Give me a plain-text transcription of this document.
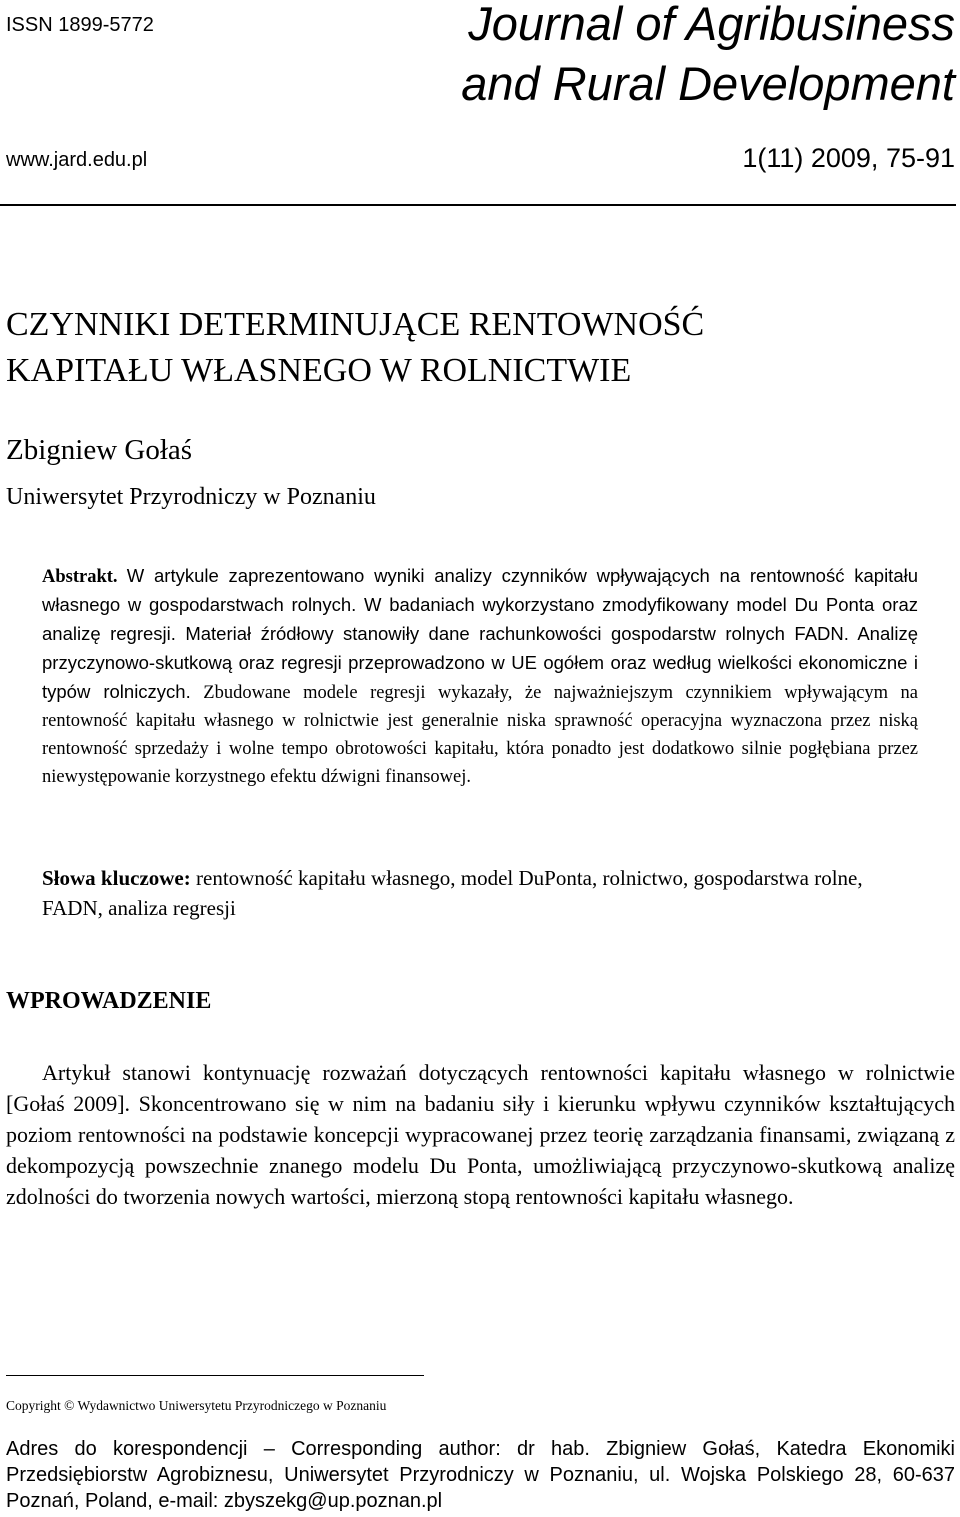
ISSN 1899-5772	Journal of Agribusiness
and Rural Development
www.jard.edu.pl	1(11) 2009, 75-91
CZYNNIKI DETERMINUJĄCE RENTOWNOŚĆ
KAPITAŁU WŁASNEGO W ROLNICTWIE
Zbigniew Gołaś
Uniwersytet Przyrodniczy w Poznaniu

Abstrakt. W artykule zaprezentowano wyniki analizy czynników wpływających na rentowność kapitału własnego w gospodarstwach rolnych. W badaniach wykorzystano zmodyfikowany model Du Ponta oraz analizę regresji. Materiał źródłowy stanowiły dane rachunkowości gospodarstw rolnych FADN. Analizę przyczynowo-skutkową oraz regresji przeprowadzono w UE ogółem oraz według wielkości ekonomiczne i typów rolniczych. Zbudowane modele regresji wykazały, że najważniejszym czynnikiem wpływającym na rentowność kapitału własnego w rolnictwie jest generalnie niska sprawność operacyjna wyznaczona przez niską rentowność sprzedaży i wolne tempo obrotowości kapitału, która ponadto jest dodatkowo silnie pogłębiana przez niewystępowanie korzystnego efektu dźwigni finansowej.

Słowa kluczowe: rentowność kapitału własnego, model DuPonta, rolnictwo, gospodarstwa rolne, FADN, analiza regresji

WPROWADZENIE

Artykuł stanowi kontynuację rozważań dotyczących rentowności kapitału własnego w rolnictwie [Gołaś 2009]. Skoncentrowano się w nim na badaniu siły i kierunku wpływu czynników kształtujących poziom rentowności na podstawie koncepcji wypracowanej przez teorię zarządzania finansami, związaną z dekompozycją powszechnie znanego modelu Du Ponta, umożliwiającą przyczynowo-skutkową analizę zdolności do tworzenia nowych wartości, mierzoną stopą rentowności kapitału własnego.

Copyright © Wydawnictwo Uniwersytetu Przyrodniczego w Poznaniu

Adres do korespondencji – Corresponding author: dr hab. Zbigniew Gołaś, Katedra Ekonomiki Przedsiębiorstw Agrobiznesu, Uniwersytet Przyrodniczy w Poznaniu, ul. Wojska Polskiego 28, 60-637 Poznań, Poland, e-mail: zbyszekg@up.poznan.pl
